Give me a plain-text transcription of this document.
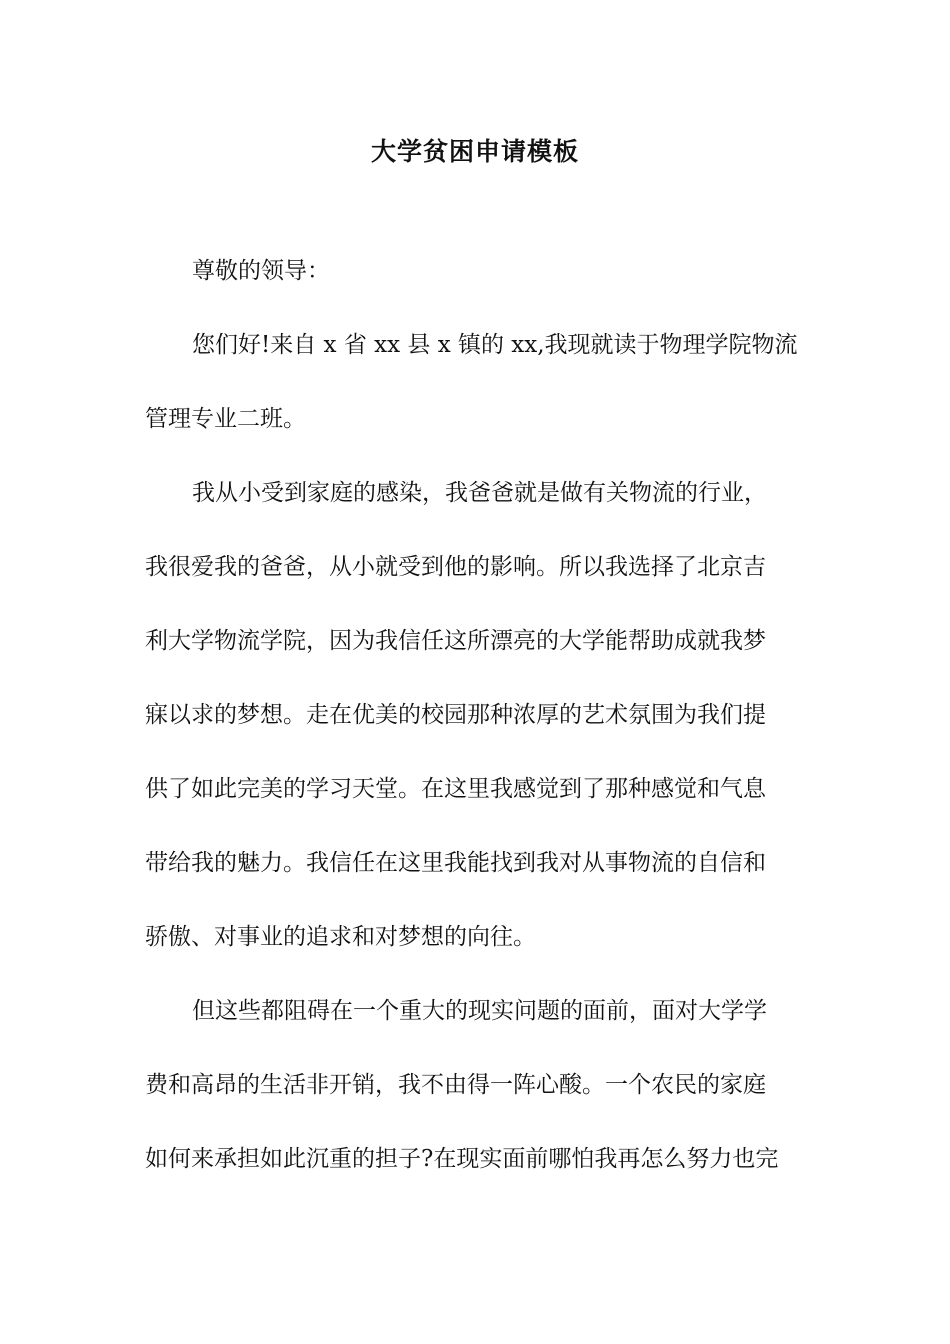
大学贫困申请模板
尊敬的领导：
您们好!来自 x 省 xx 县 x 镇的 xx,我现就读于物理学院物流
管理专业二班。
我从小受到家庭的感染，我爸爸就是做有关物流的行业，
我很爱我的爸爸，从小就受到他的影响。所以我选择了北京吉
利大学物流学院，因为我信任这所漂亮的大学能帮助成就我梦
寐以求的梦想。走在优美的校园那种浓厚的艺术氛围为我们提
供了如此完美的学习天堂。在这里我感觉到了那种感觉和气息
带给我的魅力。我信任在这里我能找到我对从事物流的自信和
骄傲、对事业的追求和对梦想的向往。
但这些都阻碍在一个重大的现实问题的面前，面对大学学
费和高昂的生活非开销，我不由得一阵心酸。一个农民的家庭
如何来承担如此沉重的担子?在现实面前哪怕我再怎么努力也完
